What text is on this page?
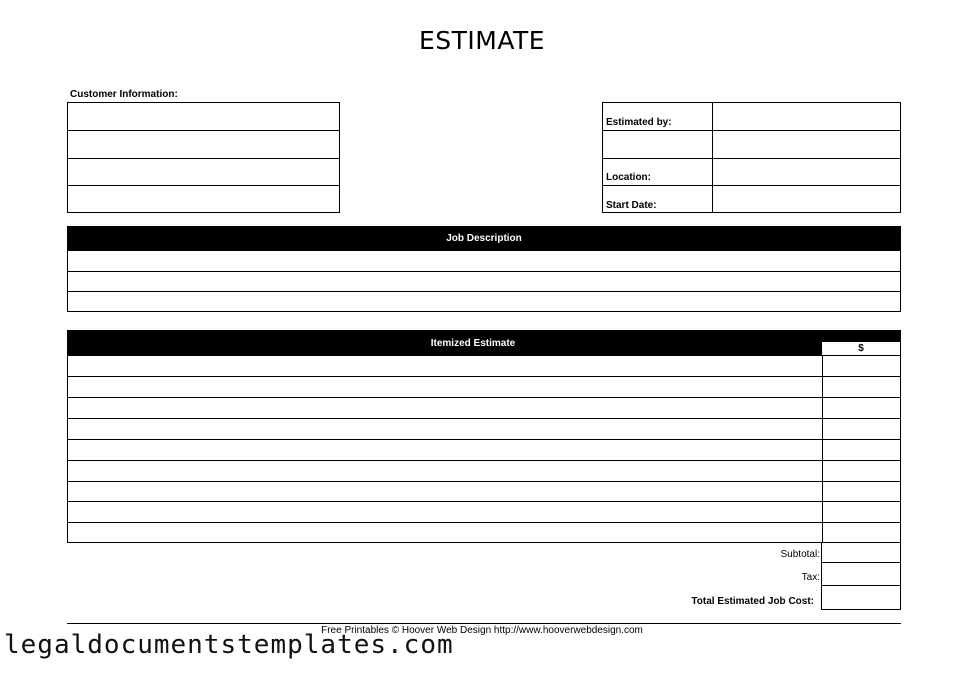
ESTIMATE
Customer Information:
Estimated by:
Location:
Start Date:
Job Description
Itemized Estimate	$
Subtotal:
Tax:
Total Estimated Job Cost:
Free Printables © Hoover Web Design http://www.hooverwebdesign.com
legaldocumentstemplates.com
